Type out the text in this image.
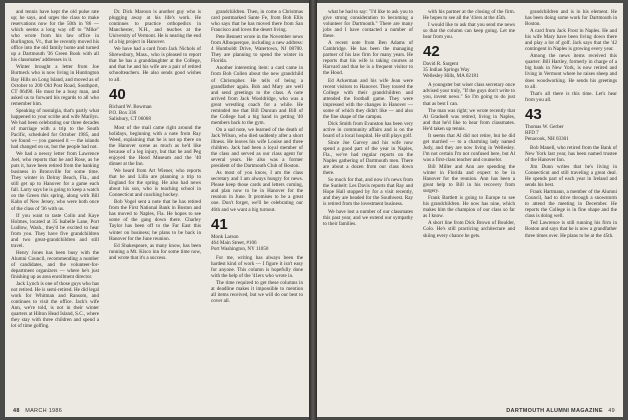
and tennis have kept the old pulse rate up; he says, and urges the class to make reservations now for the 50th in '86 — which seems a long way off to "Mike" who wrote from his law office in Burlington, Vt., that he recently moved his office into the old family home and turned up a Dartmouth '36 Green Book with all his classmates' addresses in it.

Winter brought a letter from Joe Burtneck who is now living in Huntington Bay Hills on Long Island, and moved as of October to 200 Old Post Road, Southport, CT 06490. He must be a busy man, and asked us to forward his regards to all who remember him.

Speaking of nostalgia, that's partly what happened to your scribe and wife Marilyn. We had been celebrating our three decades of marriage with a trip to the South Pacific, scheduled for October 1985, and we found — you guessed it — the islands had changed on us, but the people had not.

We had a newsy letter from Lawrence Joel, who reports that he and Rose, as he puts it, have been retired from the banking business in Bronxville for some time. They winter in Delray Beach, Fla., and still get up to Hanover for a game each fall. Larry says he is going to keep a watch on the Green this spring, along with Bill Kahn of New Jersey, who were both once of the class of '36 with us.

If you want to taste Colin and Kaye Holmes, located at 35 Isabelle Lane, Port Ludlow, Wash., they'd be excited to hear from you. They have five grandchildren and two great-grandchildren and still travel.

Henry Jones has been busy with the Alumni Council, recommending a number of candidates, and the volunteer-for-department organizers — where he's just finishing up as area enrollment director.

Jack Lynch is one of those guys who has not retired. He is semi-retired. He did legal work for Whitman and Ransom, and continues to visit the office. Jack's wife Ann, we're told, is not in their winter quarters at Hilton Head Island, S.C., where they stay with three children and spend a lot of time golfing.

Dr. Dick Maroon is another guy who is plugging away at his life's work. He continues to practice orthopedics in Manchester, N.H., and teaches at the University of Vermont. He is nearing the end of a big project in Hanover.

We have had a card from Jack Nichols of Shrewsbury, Mass., who is pleased to report that he has a granddaughter at the College, and that he and his wife are a pair of retired schoolteachers. He also sends good wishes to all.

40
Richard W. Bowman
P.O. Box 336
Salisbury, CT 06068

Most of the mail came right around the holidays, beginning with a note from Ray Weed, explaining that he is not up there on the Hanover scene as much as he'd like because of a leg injury, but that he and Peg enjoyed the Hood Museum and the '40 dinner at the Inn.

We heard from Art Wiener, who reports that he and Lilla are planning a trip to England for the spring. He also had news about his son, who is teaching school in Connecticut and coaching hockey.

Bob Vogel sent a note that he has retired from the First National Bank in Boston and has moved to Naples, Fla. He hopes to see some of the gang down there. Charley Taylor has been off to the Far East this winter on business; he plans to be back in Hanover for the June reunion.

Ed Shakespeare, as many know, has been running a Mt. Kisco inn for some time now, and wrote that it's a success.

grandchildren. Then, in come a Christmas card postmarked Sante Fe, from Bob Ellis who says that he has moved there from San Francisco and loves the desert living.

Pete Bennett wrote in the November news from Albuquerque, including a new address: 4 Humboldt Drive, Watertown, NJ 08700. They are planning to spend the winter in Florida.

Another interesting item: a card came in from Bob Cullen about the new grandchild of Christopher. He tells of being a grandfather again. Bob and Mary are well and send greetings to the class. A note arrived from Jack Wooldridge, who was a great wrestling coach for a while. He reminded me that Bill Duncan and Bill of the College had a big hand in getting '40 members back to the gym.

On a sad note, we learned of the death of Jack Wilson, who died suddenly after a short illness. He leaves his wife Louise and three children. Jack had been a loyal member of the class and served as our class agent for several years. He also was a former president of the Dartmouth Club of Boston.

As most of you know, I am the class secretary and I am always hungry for news. Please keep those cards and letters coming, and plan now to be in Hanover for the reunion in June. It promises to be a great one. Don't forget, we'll be celebrating our 46th and we want a big turnout.

41
Monk Larson
464 Main Street, #106
Port Washington, NY 11050

For me, writing has always been the hardest kind of work — I figure it isn't easy for anyone. This column is hopefully done with the help of the '41ers who wrote in.

The time required to get these columns in at deadline makes it impossible to mention all items received, but we will do our best to cover all.

48 MARCH 1986

what he had to say: "I'd like to ask you to give strong consideration to becoming a volunteer for Dartmouth." There are many jobs and I have contacted a number of these.

A recent note from Ben Adams of Cambridge. He has been the managing partner of his law firm for many years. He reports that his wife is taking courses at Harvard and that he is a frequent visitor to the Hood.

Ed Ackerman and his wife Jean were recent visitors to Hanover. They toured the College with their grandchildren and attended the football game. They were impressed with the changes in Hanover — some of which they didn't like — and also the fine shape of the campus.

Dick Smith from Evanston has been very active in community affairs and is on the board of a local hospital. He still plays golf.

Since Joe Garvey and his wife now spend a good part of the year in Naples, Fla., we've had regular reports on the Naples gathering of Dartmouth men. There are about a dozen from our class down there.

So much for that, and now it's news from the Sunbelt: Les Davis reports that Ray and Hope Hall stopped by for a visit recently, and they are headed for the Southwest. Ray is retired from the investment business.

We have lost a number of our classmates this past year, and we extend our sympathy to their families.

with his partner at the closing of the firm. He hopes to see all the '41ers at the 45th.

I would like to ask that you send me news so that the column can keep going. Let me hear from you.

42
David R. Sargent
35 Indian Springs Way
Wellesley Hills, MA 02181

A youngster but wiser class secretary once advised your truly, "If the guys don't write to you, invent news." So I'm going to do just that as best I can.

The man was right; we wrote recently that Al Graduell was retired, living in Naples, and that he'd like to hear from classmates. He'd taken up tennis.

It seems that Al did not retire, but he did get married — to a charming lady named Judy, and they are now living in Wellesley. I'm not certain I'm not confused here, but Al was a first-class teacher and counselor.

Bill Miller and Ann are spending the winter in Florida and expect to be in Hanover for the reunion. Ann has been a great help to Bill in his recovery from surgery.

Frank Bartlett is going to Europe to see his grandchildren. He now has nine, which makes him the champion of our class so far as I know.

A short line from Dick Brown of Boulder, Colo. He's still practicing architecture and skiing every chance he gets.

grandchildren and is in his element. He has been doing some work for Dartmouth in Boston.

A card from Jack Frost in Naples. He and his wife Mary have been living down there and play a lot of golf. Jack says that the '42 contingent in Naples is growing every year.

Among the news items received this quarter: Bill Hartley, formerly in charge of a big bank in New York, is now retired and living in Vermont where he raises sheep and does woodworking. He sends his greetings to all.

That's all there is this time. Let's hear from you all.

43
Thomas W. Gerber
RFD 7
Penacook, NH 03301

Bob Manell, who retired from the Bank of New York last year, has been named trustee of the Hanover Inn.

Jim Dunn writes that he's living in Connecticut and still traveling a great deal. He spends part of each year in Ireland and sends his best.

Frank Hartmann, a member of the Alumni Council, had to drive through a snowstorm to attend the meeting in December. He reports the College is in fine shape and the class is doing well.

Ted Lawrence is still running his firm in Boston and says that he is now a grandfather three times over. He plans to be at the 45th.

DARTMOUTH ALUMNI MAGAZINE 49
